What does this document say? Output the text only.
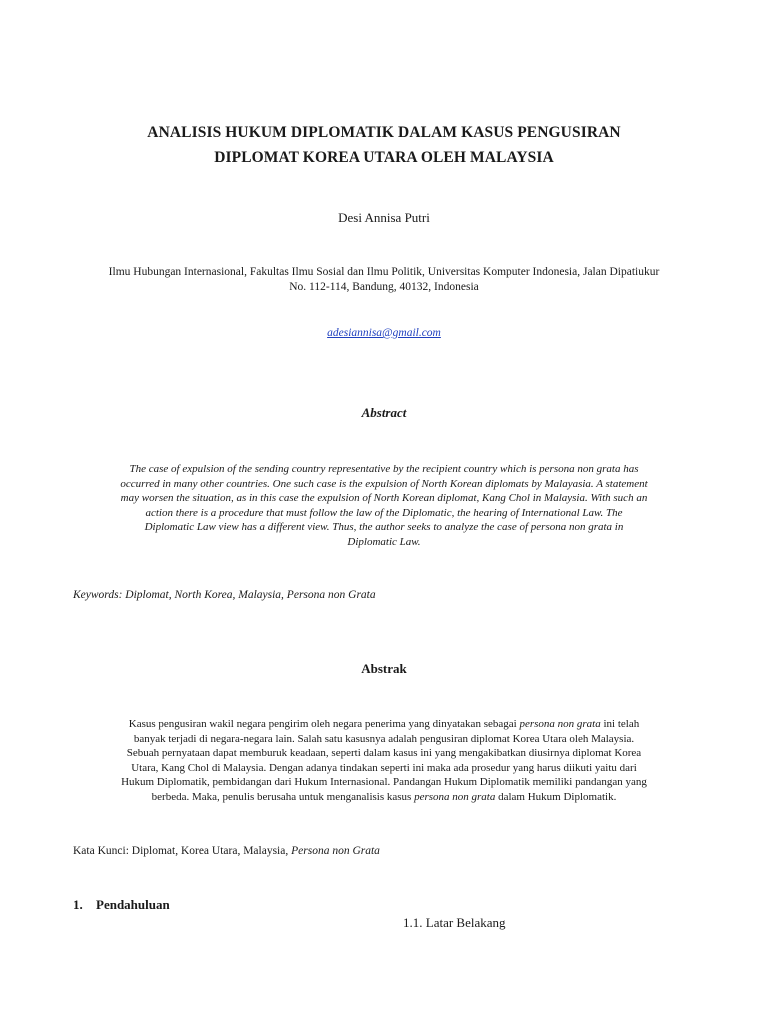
ANALISIS HUKUM DIPLOMATIK DALAM KASUS PENGUSIRAN
DIPLOMAT KOREA UTARA OLEH MALAYSIA
Desi Annisa Putri
Ilmu Hubungan Internasional, Fakultas Ilmu Sosial dan Ilmu Politik, Universitas Komputer Indonesia, Jalan Dipatiukur
No. 112-114, Bandung, 40132, Indonesia
adesiannisa@gmail.com
Abstract
The case of expulsion of the sending country representative by the recipient country which is persona non grata has
occurred in many other countries. One such case is the expulsion of North Korean diplomats by Malayasia. A statement
may worsen the situation, as in this case the expulsion of North Korean diplomat, Kang Chol in Malaysia. With such an
action there is a procedure that must follow the law of the Diplomatic, the hearing of International Law. The
Diplomatic Law view has a different view. Thus, the author seeks to analyze the case of persona non grata in
Diplomatic Law.
Keywords: Diplomat, North Korea, Malaysia, Persona non Grata
Abstrak
Kasus pengusiran wakil negara pengirim oleh negara penerima yang dinyatakan sebagai persona non grata ini telah
banyak terjadi di negara-negara lain. Salah satu kasusnya adalah pengusiran diplomat Korea Utara oleh Malaysia.
Sebuah pernyataan dapat memburuk keadaan, seperti dalam kasus ini yang mengakibatkan diusirnya diplomat Korea
Utara, Kang Chol di Malaysia. Dengan adanya tindakan seperti ini maka ada prosedur yang harus diikuti yaitu dari
Hukum Diplomatik, pembidangan dari Hukum Internasional. Pandangan Hukum Diplomatik memiliki pandangan yang
berbeda. Maka, penulis berusaha untuk menganalisis kasus persona non grata dalam Hukum Diplomatik.
Kata Kunci: Diplomat, Korea Utara, Malaysia, Persona non Grata
1. Pendahuluan
1.1. Latar Belakang
